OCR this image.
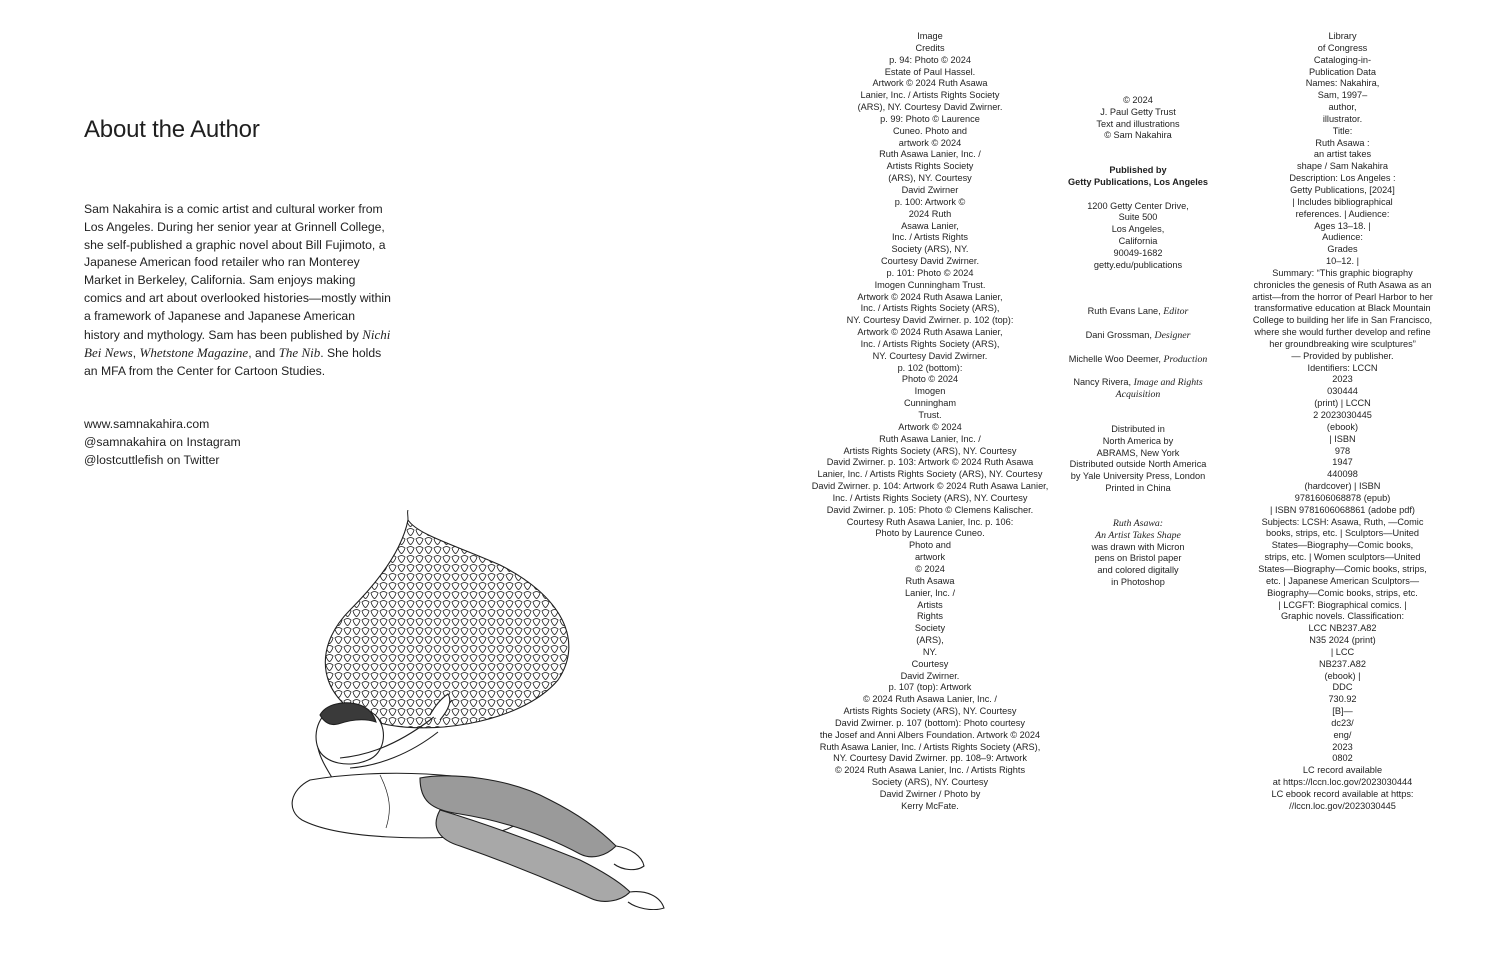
About the Author

Sam Nakahira is a comic artist and cultural worker from Los Angeles. During her senior year at Grinnell College, she self-published a graphic novel about Bill Fujimoto, a Japanese American food retailer who ran Monterey Market in Berkeley, California. Sam enjoys making comics and art about overlooked histories—mostly within a framework of Japanese and Japanese American history and mythology. Sam has been published by Nichi Bei News, Whetstone Magazine, and The Nib. She holds an MFA from the Center for Cartoon Studies.

www.samnakahira.com
@samnakahira on Instagram
@lostcuttlefish on Twitter
Image
Credits
p. 94: Photo © 2024
Estate of Paul Hassel.
Artwork © 2024 Ruth Asawa
Lanier, Inc. / Artists Rights Society
(ARS), NY. Courtesy David Zwirner.
p. 99: Photo © Laurence
Cuneo. Photo and
artwork © 2024
Ruth Asawa Lanier, Inc. /
Artists Rights Society
(ARS), NY. Courtesy
David Zwirner
p. 100: Artwork ©
2024 Ruth
Asawa Lanier,
Inc. / Artists Rights
Society (ARS), NY.
Courtesy David Zwirner.
p. 101: Photo © 2024
Imogen Cunningham Trust.
Artwork © 2024 Ruth Asawa Lanier,
Inc. / Artists Rights Society (ARS),
NY. Courtesy David Zwirner. p. 102 (top):
Artwork © 2024 Ruth Asawa Lanier,
Inc. / Artists Rights Society (ARS),
NY. Courtesy David Zwirner.
p. 102 (bottom):
Photo © 2024
Imogen
Cunningham
Trust.
Artwork © 2024
Ruth Asawa Lanier, Inc. /
Artists Rights Society (ARS), NY. Courtesy
David Zwirner. p. 103: Artwork © 2024 Ruth Asawa
Lanier, Inc. / Artists Rights Society (ARS), NY. Courtesy
David Zwirner. p. 104: Artwork © 2024 Ruth Asawa Lanier,
Inc. / Artists Rights Society (ARS), NY. Courtesy
David Zwirner. p. 105: Photo © Clemens Kalischer.
Courtesy Ruth Asawa Lanier, Inc. p. 106:
Photo by Laurence Cuneo.
Photo and
artwork
© 2024
Ruth Asawa
Lanier, Inc. /
Artists
Rights
Society
(ARS),
NY.
Courtesy
David Zwirner.
p. 107 (top): Artwork
© 2024 Ruth Asawa Lanier, Inc. /
Artists Rights Society (ARS), NY. Courtesy
David Zwirner. p. 107 (bottom): Photo courtesy
the Josef and Anni Albers Foundation. Artwork © 2024
Ruth Asawa Lanier, Inc. / Artists Rights Society (ARS),
NY. Courtesy David Zwirner. pp. 108–9: Artwork
© 2024 Ruth Asawa Lanier, Inc. / Artists Rights
Society (ARS), NY. Courtesy
David Zwirner / Photo by
Kerry McFate.

© 2024
J. Paul Getty Trust
Text and illustrations
© Sam Nakahira

Published by
Getty Publications, Los Angeles

1200 Getty Center Drive,
Suite 500
Los Angeles,
California
90049-1682
getty.edu/publications

Ruth Evans Lane, Editor

Dani Grossman, Designer

Michelle Woo Deemer, Production

Nancy Rivera, Image and Rights Acquisition

Distributed in
North America by
ABRAMS, New York
Distributed outside North America
by Yale University Press, London
Printed in China

Ruth Asawa:
An Artist Takes Shape
was drawn with Micron
pens on Bristol paper
and colored digitally
in Photoshop

Library
of Congress
Cataloging-in-
Publication Data
Names: Nakahira,
Sam, 1997–
author,
illustrator.
Title:
Ruth Asawa :
an artist takes
shape / Sam Nakahira
Description: Los Angeles :
Getty Publications, [2024]
| Includes bibliographical
references. | Audience:
Ages 13–18. |
Audience:
Grades
10–12. |
Summary: “This graphic biography
chronicles the genesis of Ruth Asawa as an
artist—from the horror of Pearl Harbor to her
transformative education at Black Mountain
College to building her life in San Francisco,
where she would further develop and refine
her groundbreaking wire sculptures”
— Provided by publisher.
Identifiers: LCCN
2023
030444
(print) | LCCN
2 2023030445
(ebook)
| ISBN
978
1947
440098
(hardcover) | ISBN
9781606068878 (epub)
| ISBN 9781606068861 (adobe pdf)
Subjects: LCSH: Asawa, Ruth, —Comic
books, strips, etc. | Sculptors—United
States—Biography—Comic books,
strips, etc. | Women sculptors—United
States—Biography—Comic books, strips,
etc. | Japanese American Sculptors—
Biography—Comic books, strips, etc.
| LCGFT: Biographical comics. |
Graphic novels. Classification:
LCC NB237.A82
N35 2024 (print)
| LCC
NB237.A82
(ebook) |
DDC
730.92
[B]—
dc23/
eng/
2023
0802
LC record available
at https://lccn.loc.gov/2023030444
LC ebook record available at https:
//lccn.loc.gov/2023030445
